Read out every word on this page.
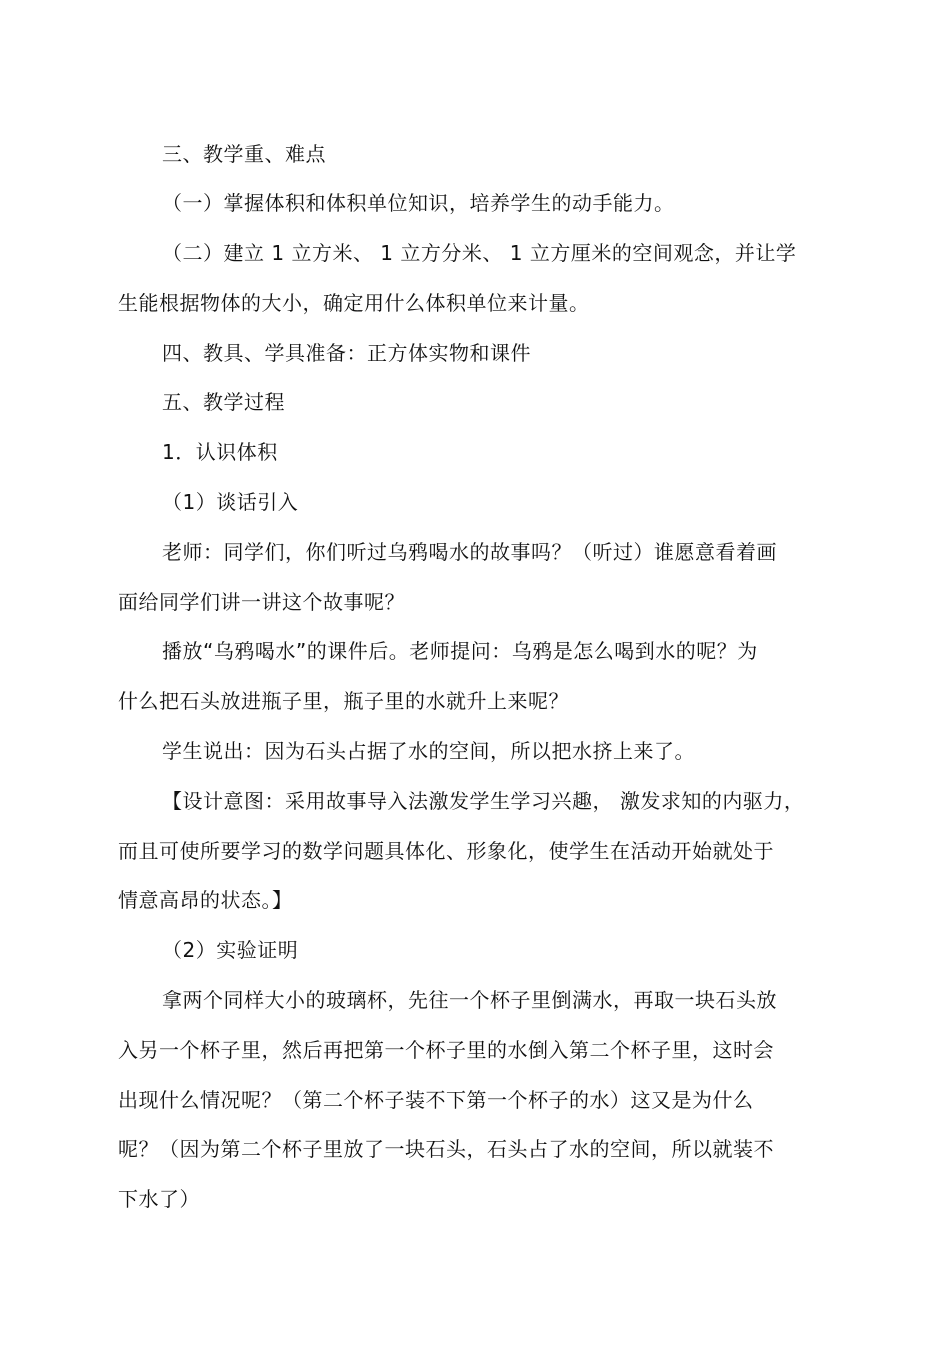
三、教学重、难点
（一）掌握体积和体积单位知识，培养学生的动手能力。
（二）建立 1 立方米、 1 立方分米、 1 立方厘米的空间观念，并让学
生能根据物体的大小，确定用什么体积单位来计量。
四、教具、学具准备：正方体实物和课件
五、教学过程
1．认识体积
（1）谈话引入
老师：同学们，你们听过乌鸦喝水的故事吗？（听过）谁愿意看着画
面给同学们讲一讲这个故事呢？
播放“乌鸦喝水”的课件后。老师提问：乌鸦是怎么喝到水的呢？为
什么把石头放进瓶子里，瓶子里的水就升上来呢？
学生说出：因为石头占据了水的空间，所以把水挤上来了。
【设计意图：采用故事导入法激发学生学习兴趣， 激发求知的内驱力，
而且可使所要学习的数学问题具体化、形象化，使学生在活动开始就处于
情意高昂的状态。】
（2）实验证明
拿两个同样大小的玻璃杯，先往一个杯子里倒满水，再取一块石头放
入另一个杯子里，然后再把第一个杯子里的水倒入第二个杯子里，这时会
出现什么情况呢？（第二个杯子装不下第一个杯子的水）这又是为什么
呢？（因为第二个杯子里放了一块石头，石头占了水的空间，所以就装不
下水了）
